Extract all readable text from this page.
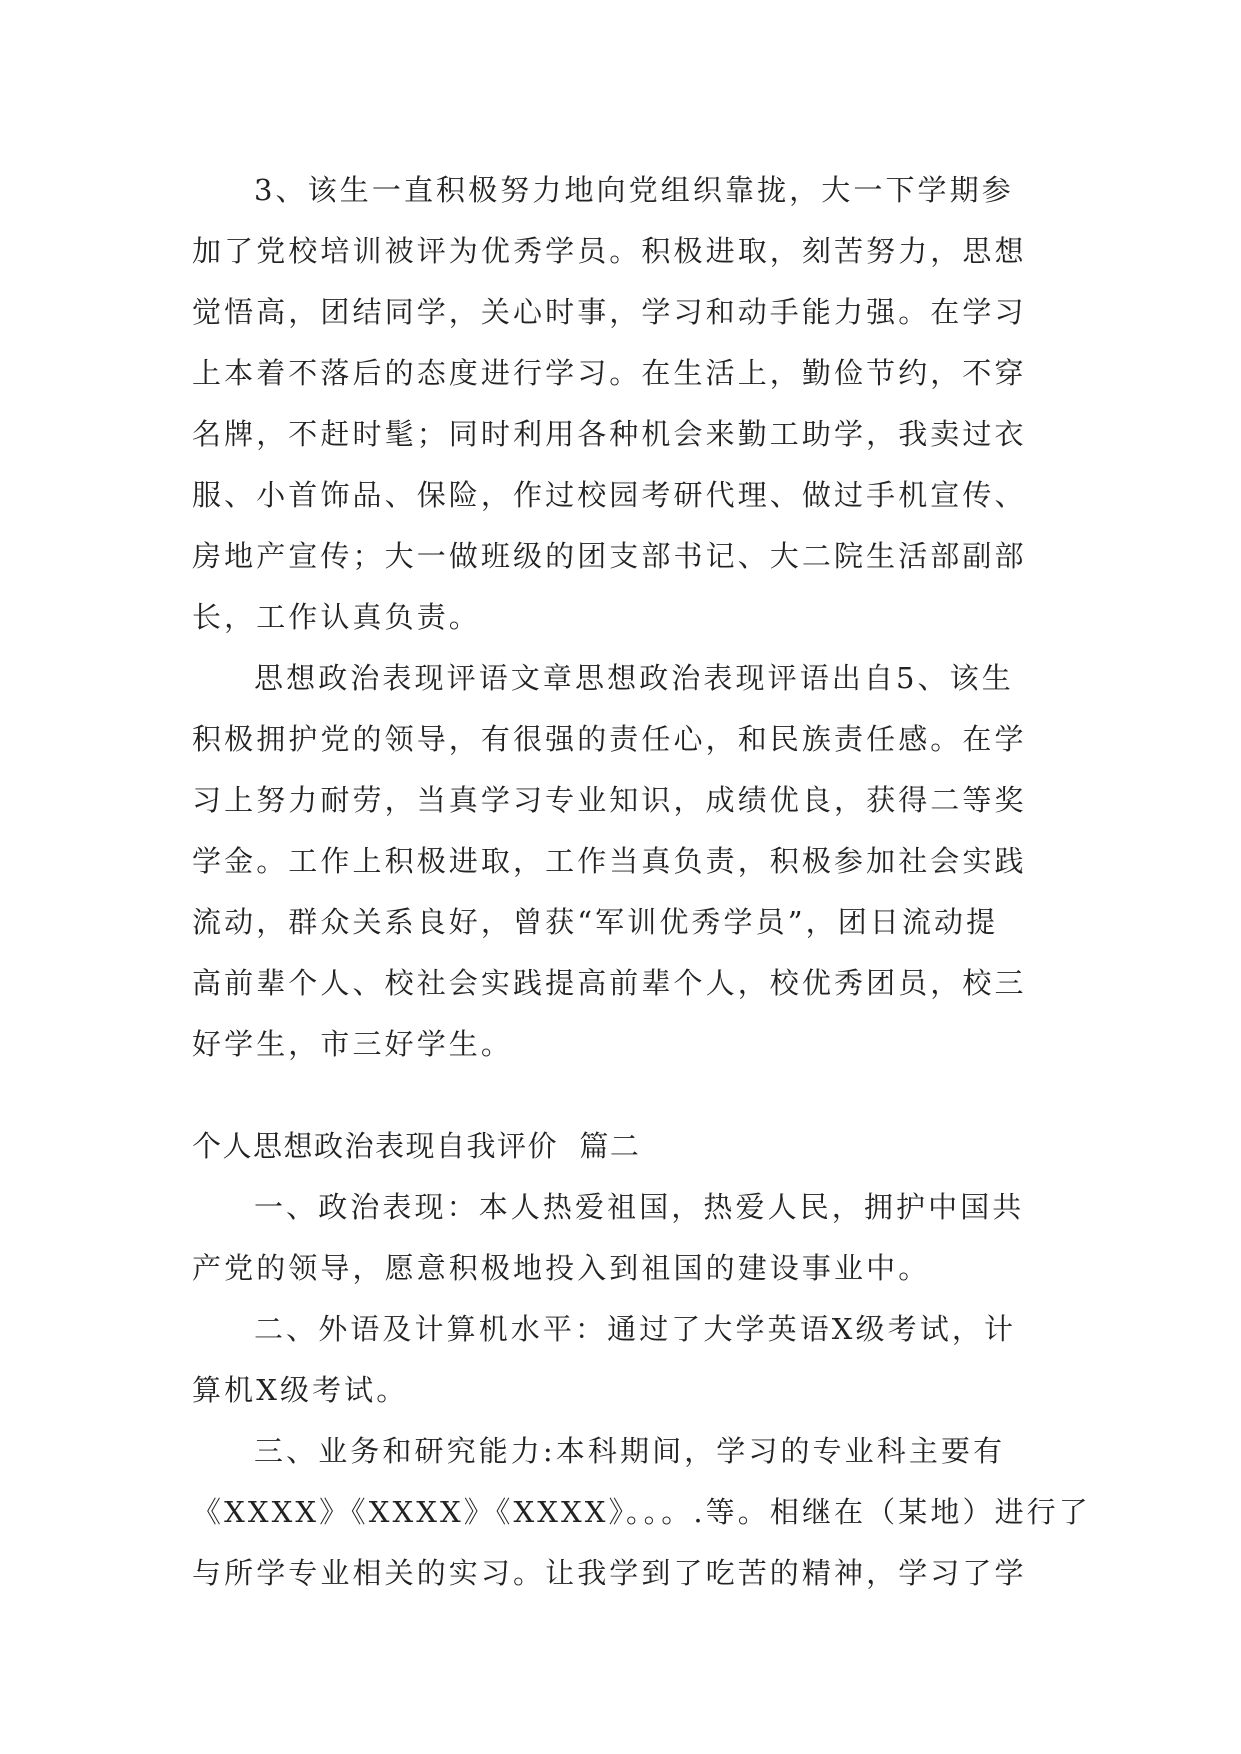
3、该生一直积极努力地向党组织靠拢，大一下学期参
加了党校培训被评为优秀学员。积极进取，刻苦努力，思想
觉悟高，团结同学，关心时事，学习和动手能力强。在学习
上本着不落后的态度进行学习。在生活上，勤俭节约，不穿
名牌，不赶时髦；同时利用各种机会来勤工助学，我卖过衣
服、小首饰品、保险，作过校园考研代理、做过手机宣传、
房地产宣传；大一做班级的团支部书记、大二院生活部副部
长，工作认真负责。
思想政治表现评语文章思想政治表现评语出自5、该生
积极拥护党的领导，有很强的责任心，和民族责任感。在学
习上努力耐劳，当真学习专业知识，成绩优良，获得二等奖
学金。工作上积极进取，工作当真负责，积极参加社会实践
流动，群众关系良好，曾获“军训优秀学员”，团日流动提
高前辈个人、校社会实践提高前辈个人，校优秀团员，校三
好学生，市三好学生。
个人思想政治表现自我评价  篇二
一、政治表现：本人热爱祖国，热爱人民，拥护中国共
产党的领导，愿意积极地投入到祖国的建设事业中。
二、外语及计算机水平：通过了大学英语X级考试，计
算机X级考试。
三、业务和研究能力:本科期间，学习的专业科主要有
《XXXX》《XXXX》《XXXX》。。。.等。相继在（某地）进行了
与所学专业相关的实习。让我学到了吃苦的精神，学习了学
